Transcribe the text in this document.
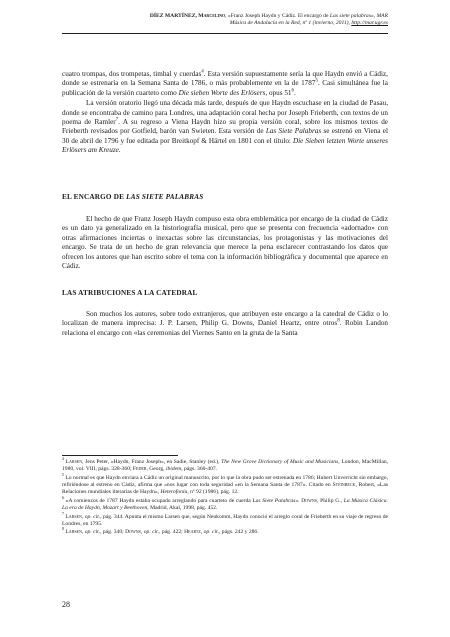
DÍEZ MARTÍNEZ, Marcelino, «Franz Joseph Haydn y Cádiz. El encargo de Las siete palabras», MAR
Música de Andalucía en la Red, nº 1 (invierno, 2011), http://mar.ugr.es

cuatro trompas, dos trompetas, timbal y cuerdas$^4$. Esta versión supuestamente sería la que Haydn envió a Cádiz, donde se estrenaría en la Semana Santa de 1786, o más probablemente en la de 1787$^5$. Casi simultánea fue la publicación de la versión cuarteto como Die sieben Worte des Erlösers, opus $51^6$.

La versión oratorio llegó una década más tarde, después de que Haydn escuchase en la ciudad de Pasau, donde se encontraba de camino para Londres, una adaptación coral hecha por Joseph Frieberth, con textos de un poema de Ramler$^7$. A su regreso a Viena Haydn hizo su propia versión coral, sobre los mismos textos de Frieberth revisados por Gotfield, barón van Swieten. Esta versión de Las Siete Palabras se estrenó en Viena el 30 de abril de 1796 y fue editada por Breitkopf & Härtel en 1801 con el título: Die Sieben letzten Worte unseres Erlösers am Kreuze.

EL ENCARGO DE LAS SIETE PALABRAS

El hecho de que Franz Joseph Haydn compuso esta obra emblemática por encargo de la ciudad de Cádiz es un dato ya generalizado en la historiografía musical, pero que se presenta con frecuencia «adornado» con otras afirmaciones inciertas o inexactas sobre las circunstancias, los protagonistas y las motivaciones del encargo. Se trata de un hecho de gran relevancia que merece la pena esclarecer contrastando los datos que ofrecen los autores que han escrito sobre el tema con la información bibliográfica y documental que aparece en Cádiz.

LAS ATRIBUCIONES A LA CATEDRAL

Son muchos los autores, sobre todo extranjeros, que atribuyen este encargo a la catedral de Cádiz o lo localizan de manera imprecisa: J. P. Larsen, Philip G. Downs, Daniel Heartz, entre otros$^8$. Robin Landon relaciona el encargo con «las ceremonias del Viernes Santo en la gruta de la Santa

$^4$ Larsen, Jens Peter, «Haydn, Franz Joseph», en Sadie, Stanley (ed.), The New Grove Dictionary of Music and Musicians, London, MacMillan, 1980, vol. VIII, págs. 328-360; Feder, Georg, ibidem, págs. 360-407.

$^5$ Lo normal es que Haydn enviara a Cádiz un original manuscrito, por lo que la obra pudo ser estrenada en 1786; Hubert Unverricht sin embargo, refiriéndose al estreno en Cádiz, afirma que «nos lugar con toda seguridad «en la Semana Santa de 1787». Citado en Steinbeck, Robert, «Las Relaciones mundiales literarias de Haydn», Heterofonía, nº 92 (1986), pág. 12.

$^6$ «A comienzos de 1787 Haydn estaba ocupado arreglando para cuarteto de cuerda Las Siete Palabras». Downs, Philip G., La Música Clásica. La era de Haydn, Mozart y Beethoven, Madrid, Akal, 1998, pág. 452.

$^7$ Larsen, op. cit., pág. 344. Apunta el mismo Larsen que, según Neukomm, Haydn conoció el arreglo coral de Frieberth en su viaje de regreso de Londres, en 1795.

$^8$ Larsen, op. cit., pág. 340; Downs, op. cit., pág. 422; Heartz, op. cit., págs. 242 y 286.

28
